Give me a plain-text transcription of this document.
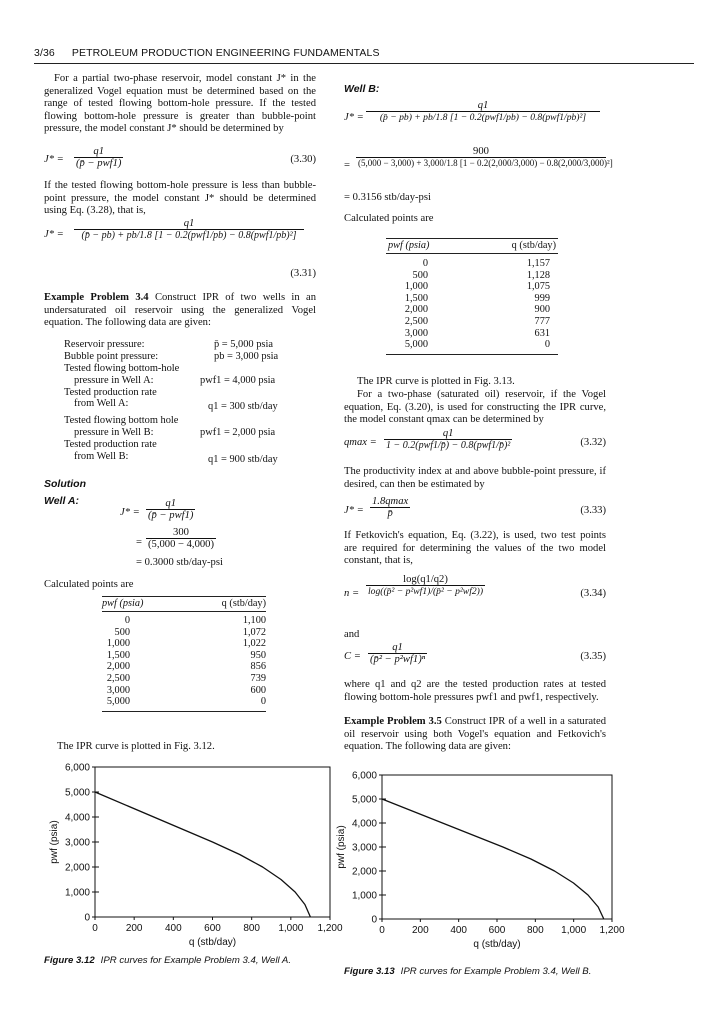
3/36 PETROLEUM PRODUCTION ENGINEERING FUNDAMENTALS
For a partial two-phase reservoir, model constant J* in the generalized Vogel equation must be determined based on the range of tested flowing bottom-hole pressure. If the tested flowing bottom-hole pressure is greater than bubble-point pressure, the model constant J* should be determined by
J* =
q1
(p̄ − pwf1)	(3.30)
If the tested flowing bottom-hole pressure is less than bubble-point pressure, the model constant J* should be determined using Eq. (3.28), that is,
J* =
q1
(p̄ − pb) + pb/1.8 [1 − 0.2(pwf1/pb) − 0.8(pwf1/pb)²]
(3.31)
Example Problem 3.4 Construct IPR of two wells in an undersaturated oil reservoir using the generalized Vogel equation. The following data are given:
Reservoir pressure:	p̄ = 5,000 psia
Bubble point pressure:	pb = 3,000 psia
Tested flowing bottom-hole
pressure in Well A:	pwf1 = 4,000 psia
Tested production rate
from Well A:	q1 = 300 stb/day
Tested flowing bottom hole
pressure in Well B:	pwf1 = 2,000 psia
Tested production rate
from Well B:	q1 = 900 stb/day
Solution
Well A:
J* =
q1
(p̄ − pwf1)
= $\frac{300}{(5,000 - 4,000)}$
= 0.3000 stb/day-psi
Calculated points are
pwf (psia)	q (stb/day)
0	1,100
500	1,072
1,000	1,022
1,500	950
2,000	856
2,500	739
3,000	600
5,000	0
The IPR curve is plotted in Fig. 3.12.
Well B:
J* =
q1
(p̄ − pb) + pb/1.8 [1 − 0.2(pwf1/pb) − 0.8(pwf1/pb)²]
=
900
(5,000 − 3,000) + 3,000/1.8 [1 − 0.2(2,000/3,000) − 0.8(2,000/3,000)²]
= 0.3156 stb/day-psi
Calculated points are
pwf (psia)	q (stb/day)
0	1,157
500	1,128
1,000	1,075
1,500	999
2,000	900
2,500	777
3,000	631
5,000	0
The IPR curve is plotted in Fig. 3.13.
For a two-phase (saturated oil) reservoir, if the Vogel equation, Eq. (3.20), is used for constructing the IPR curve, the model constant qmax can be determined by
qmax =
q1
1 − 0.2(pwf1/p̄) − 0.8(pwf1/p̄)²	(3.32)
The productivity index at and above bubble-point pressure, if desired, can then be estimated by
J* =
1.8qmax
p̄	(3.33)
If Fetkovich's equation, Eq. (3.22), is used, two test points are required for determining the values of the two model constant, that is,
$n = \frac{\log(q1/q2)}{\text{log((p̄² − p²wf1)/(p̄² − p²wf2))}}$	(3.34)
and
$C = \frac{q1}{\text{(p̄² − p²wf1)ⁿ}}$	(3.35)
where q1 and q2 are the tested production rates at tested flowing bottom-hole pressures pwf1 and pwf1, respectively.
Example Problem 3.5 Construct IPR of a well in a saturated oil reservoir using both Vogel's equation and Fetkovich's equation. The following data are given:
0
1,000
2,000
3,000
4,000
5,000
6,000
0	200 400 600 800 1,000 1,200
q (stb/day)
pwf (psia)
0
1,000
2,000
3,000
4,000
5,000
6,000
0	200 400 600 800 1,000 1,200
q (stb/day)
pwf (psia)
Figure 3.12 IPR curves for Example Problem 3.4, Well A.
Figure 3.13 IPR curves for Example Problem 3.4, Well B.
